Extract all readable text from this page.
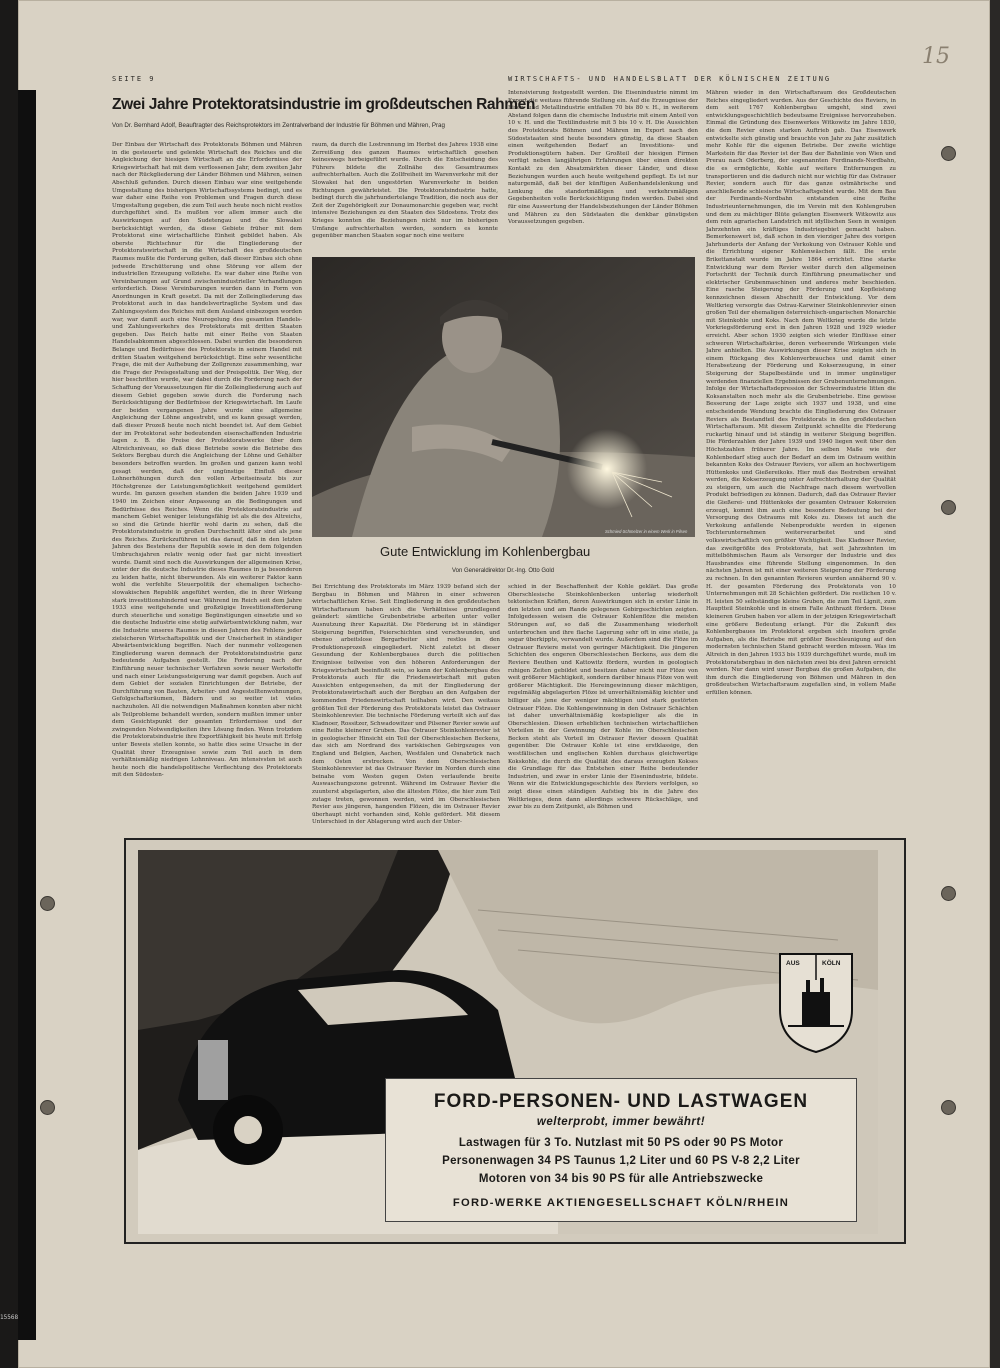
15
SEITE 9	WIRTSCHAFTS- UND HANDELSBLATT DER KÖLNISCHEN ZEITUNG
Zwei Jahre Protektoratsindustrie im großdeutschen Rahmen
Von Dr. Bernhard Adolf, Beauftragter des Reichsprotektors im Zentralverband der Industrie für Böhmen und Mähren, Prag
Der Einbau der Wirtschaft des Protektorats Böhmen und Mähren in die gesteuerte und gelenkte Wirtschaft des Reiches und die Angleichung der hiesigen Wirtschaft an die Erfordernisse der Kriegswirtschaft hat mit dem verflossenen Jahr, dem zweiten Jahr nach der Rückgliederung der Länder Böhmen und Mähren, seinen Abschluß gefunden. Durch diesen Einbau war eine weitgehende Umgestaltung des bisherigen Wirtschaftssystems bedingt, und es war daher eine Reihe von Problemen und Fragen durch diese Umgestaltung gegeben, die zum Teil auch heute noch nicht restlos durchgeführt sind. Es mußten vor allem immer auch die Auswirkungen auf den Sudetengau und die Slowakei berücksichtigt werden, da diese Gebiete früher mit dem Protektorat eine wirtschaftliche Einheit gebildet haben. Als oberste Richtschnur für die Eingliederung der Protektoratswirtschaft in die Wirtschaft des großdeutschen Raumes mußte die Forderung gelten, daß dieser Einbau sich ohne jedwede Erschütterung und ohne Störung vor allem der industriellen Erzeugung vollziehe. Es war daher eine Reihe von Vereinbarungen auf Grund zwischenindustrieller Verhandlungen erforderlich. Diese Vereinbarungen wurden dann in Form von Anordnungen in Kraft gesetzt. Da mit der Zolleingliederung das Protektorat auch in das handelsvertragliche System und das Zahlungssystem des Reiches mit dem Ausland einbezogen worden war, war damit auch eine Neuregelung des gesamten Handels- und Zahlungsverkehrs des Protektorats mit dritten Staaten gegeben. Das Reich hatte mit einer Reihe von Staaten Handelsabkommen abgeschlossen. Dabei wurden die besonderen Belange und Bedürfnisse des Protektorats in seinem Handel mit dritten Staaten weitgehend berücksichtigt. Eine sehr wesentliche Frage, die mit der Aufhebung der Zollgrenze zusammenhing, war die Frage der Preisgestaltung und der Preispolitik. Der Weg, der hier beschritten wurde, war dabei durch die Forderung nach der Schaffung der Voraussetzungen für die Zolleingliederung auch auf diesem Gebiet gegeben sowie durch die Forderung nach Berücksichtigung der Bedürfnisse der Kriegswirtschaft. Im Laufe der beiden vergangenen Jahre wurde eine allgemeine Angleichung der Löhne angestrebt, und es kann gesagt werden, daß dieser Prozeß heute noch nicht beendet ist. Auf dem Gebiet der im Protektorat sehr bedeutenden eisenschaffenden Industrie lagen z. B. die Preise der Protektoratswerke über dem Altreichsniveau, so daß diese Betriebe sowie die Betriebe des Sektors Bergbau durch die Angleichung der Löhne und Gehälter besonders betroffen wurden. Im großen und ganzen kann wohl gesagt werden, daß der ungünstige Einfluß dieser Lohnerhöhungen durch den vollen Arbeitseinsatz bis zur Höchstgrenze der Leistungsmöglichkeit weitgehend gemildert wurde. Im ganzen gesehen standen die beiden Jahre 1939 und 1940 im Zeichen einer Anpassung an die Bedingungen und Bedürfnisse des Reiches. Wenn die Protektoratsindustrie auf manchem Gebiet weniger leistungsfähig ist als die des Altreichs, so sind die Gründe hierfür wohl darin zu sehen, daß die Protektoratsindustrie in großen Durchschnitt älter sind als jene des Reiches. Zurückzuführen ist das darauf, daß in den letzten Jahren des Bestehens der Republik sowie in den dem folgenden Umbruchsjahren relativ wenig oder fast gar nicht investiert wurde. Damit sind noch die Auswirkungen der allgemeinen Krise, unter der die deutsche Industrie dieses Raumes in ja besonderen zu leiden hatte, nicht überwunden. Als ein weiterer Faktor kann wohl die verfehlte Steuerpolitik der ehemaligen tschecho-slowakischen Republik angeführt werden, die in ihrer Wirkung stark investitionshindernd war. Während im Reich seit dem Jahre 1933 eine weitgehende und großzügige Investitionsförderung durch steuerliche und sonstige Begünstigungen einsetzte und so die deutsche Industrie eine stetig aufwärtsentwicklung nahm, war die Industrie unseres Raumes in diesen Jahren des Fehlens jeder zielsicheren Wirtschaftspolitik und der Unsicherheit in ständiger Abwärtsentwicklung begriffen. Nach der nunmehr vollzogenen Eingliederung waren demnach der Protektoratsindustrie ganz bedeutende Aufgaben gestellt. Die Forderung nach der Einführung neuer technischer Verfahren sowie neuer Werkstoffe und nach einer Leistungssteigerung war damit gegeben. Auch auf dem Gebiet der sozialen Einrichtungen der Betriebe, der Durchführung von Bauten, Arbeiter- und Angestelltenwohnungen, Gefolgschaftsräumen, Bädern und so weiter ist vieles nachzuholen. All die notwendigen Maßnahmen konnten aber nicht als Teilprobleme behandelt werden, sondern mußten immer unter dem Gesichtspunkt der gesamten Erfordernisse und der zwingenden Notwendigkeiten ihre Lösung finden. Wenn trotzdem die Protektoratsindustrie ihre Exportfähigkeit bis heute mit Erfolg unter Beweis stellen konnte, so hatte dies seine Ursache in der Qualität ihrer Erzeugnisse sowie zum Teil auch in dem verhältnismäßig niedrigen Lohnniveau. Am intensivsten ist auch heute noch die handelspolitische Verflechtung des Protektorats mit den Südosten-
raum, da durch die Lostrennung im Herbst des Jahres 1938 eine Zerreißung des ganzen Raumes wirtschaftlich gesehen keineswegs herbeigeführt wurde. Durch die Entscheidung des Führers bildete die Zollnähe des Gesamtraumes aufrechterhalten. Auch die Zollfreiheit im Warenverkehr mit der Slowakei hat den ungestörten Warenverkehr in beiden Richtungen gewährleistet. Die Protektoratsindustrie hatte, bedingt durch die jahrhundertelange Tradition, die noch aus der Zeit der Zugehörigkeit zur Donaumonarchie gegeben war, recht intensive Beziehungen zu den Staaten des Südostens. Trotz des Krieges konnten die Beziehungen nicht nur im bisherigen Umfange aufrechterhalten werden, sondern es konnte gegenüber manchen Staaten sogar noch eine weitere
Intensivierung festgestellt werden. Die Eisenindustrie nimmt im Export die weitaus führende Stellung ein. Auf die Erzeugnisse der Eisen- und Metallindustrie entfallen 70 bis 80 v. H., in weiterem Abstand folgen dann die chemische Industrie mit einem Anteil von 10 v. H. und die Textilindustrie mit 5 bis 10 v. H. Die Aussichten des Protektorats Böhmen und Mähren im Export nach den Südoststaaten sind heute besonders günstig, da diese Staaten einen weitgehenden Bedarf an Investitions- und Produktionsgütern haben. Der Großteil der hiesigen Firmen verfügt neben langjährigen Erfahrungen über einen direkten Kontakt zu den Absatzmärkten dieser Länder, und diese Beziehungen wurden auch heute weitgehend gepflegt. Es ist nur naturgemäß, daß bei der künftigen Außenhandelslenkung und Lenkung die standortmäßigen und verkehrsmäßigen Gegebenheiten volle Berücksichtigung finden werden. Dabei sind für eine Auswertung der Handelsbeziehungen der Länder Böhmen und Mähren zu den Südstaaten die denkbar günstigsten Voraussetzungen gegeben.
Mähren wieder in den Wirtschaftsraum des Großdeutschen Reiches eingegliedert wurden. Aus der Geschichte des Reviers, in dem seit 1767 Kohlenbergbau umgeht, sind zwei entwicklungsgeschichtlich bedeutsame Ereignisse hervorzuheben. Einmal die Gründung des Eisenwerkes Witkowitz im Jahre 1830, die dem Revier einen starken Auftrieb gab. Das Eisenwerk entwickelte sich günstig und brauchte von Jahr zu Jahr zusätzlich mehr Kohle für die eigenen Betriebe. Der zweite wichtige Markstein für das Revier ist der Bau der Bahnlinie von Wien und Prerau nach Oderberg, der sogenannten Ferdinands-Nordbahn, die es ermöglichte, Kohle auf weitere Entfernungen zu transportieren und die dadurch nicht nur wichtig für das Ostrauer Revier, sondern auch für das ganze ostmährische und anschließende schlesische Wirtschaftsgebiet wurde. Mit dem Bau der Ferdinands-Nordbahn entstanden eine Reihe Industrieunternehmungen, die im Verein mit den Kohlengruben und dem zu mächtiger Blüte gelangten Eisenwerk Witkowitz aus dem rein agrarischen Landstrich mit idyllischen Seen in wenigen Jahrzehnten ein kräftiges Industriegebiet gemacht haben. Bemerkenswert ist, daß schon in den vierziger Jahre des vorigen Jahrhunderts der Anfang der Verkokung von Ostrauer Kohle und die Errichtung eigener Kohlenwäschen fällt. Die erste Brikettanstalt wurde im Jahre 1864 errichtet. Eine starke Entwicklung war dem Revier weiter durch den allgemeinen Fortschritt der Technik durch Einführung pneumatischer und elektrischer Grubenmaschinen und anderes mehr beschieden. Eine rasche Steigerung der Förderung und Kopfleistung kennzeichnen diesen Abschnitt der Entwicklung. Vor dem Weltkrieg versorgte das Ostrau-Karwiner Steinkohlenrevier einen großen Teil der ehemaligen österreichisch-ungarischen Monarchie mit Steinkohle und Koks. Nach dem Weltkrieg wurde die letzte Vorkriegsförderung erst in den Jahren 1928 und 1929 wieder erreicht. Aber schon 1930 zeigten sich wieder Einflüsse einer schweren Wirtschaftskrise, deren verheerende Wirkungen viele Jahre anhielten. Die Auswirkungen dieser Krise zeigten sich in einem Rückgang des Kohlenverbrauches und damit einer Herabsetzung der Förderung und Kokserzeugung, in einer Steigerung der Stapelbestände und in immer ungünstiger werdenden finanziellen Ergebnissen der Grubenunternehmungen. Infolge der Wirtschaftsdepression der Schwerindustrie litten die Koksanstalten noch mehr als die Grubenbetriebe. Eine gewisse Besserung der Lage zeigte sich 1937 und 1938, und eine entscheidende Wendung brachte die Eingliederung des Ostrauer Reviers als Bestandteil des Protektorats in den großdeutschen Wirtschaftsraum. Mit diesem Zeitpunkt schnellte die Förderung ruckartig hinauf und ist ständig in weiterer Steigung begriffen. Die Förderzahlen der Jahre 1939 und 1940 liegen weit über den Höchstzahlen früherer Jahre. Im selben Maße wie der Kohlenbedarf stieg auch der Bedarf an dem im Ostraum weithin bekannten Koks des Ostrauer Reviers, vor allem an hochwertigem Hüttenkoks und Gießereikoks. Hier muß das Bestreben erwähnt werden, die Kokserzeugung unter Aufrechterhaltung der Qualität zu steigern, um auch die Nachfrage nach diesem wertvollen Produkt befriedigen zu können. Dadurch, daß das Ostrauer Revier die Gießerei- und Hüttenkoks der gesamten Ostrauer Kokereien erzeugt, kommt ihm auch eine besondere Bedeutung bei der Versorgung des Ostraums mit Koks zu. Dieses ist auch die Verkokung anfallende Nebenprodukte werden in eigenen Tochterunternehmen weiterverarbeitet und sind volkswirtschaftlich von größter Wichtigkeit. Das Kladnoer Revier, das zweitgrößte des Protektorats, hat seit Jahrzehnten im mittelböhmischen Raum als Versorger der Industrie und des Hausbrandes eine führende Stellung eingenommen. In den nächsten Jahren ist mit einer weiteren Steigerung der Förderung zu rechnen. In den genannten Revieren wurden annähernd 90 v. H. der gesamten Förderung des Protektorats von 10 Unternehmungen mit 28 Schächten gefördert. Die restlichen 10 v. H. leisten 50 selbständige kleine Gruben, die zum Teil Lignit, zum Hauptteil Steinkohle und in einem Falle Anthrazit fördern. Diese kleineren Gruben haben vor allem in der jetzigen Kriegswirtschaft eine größere Bedeutung erlangt. Für die Zukunft des Kohlenbergbaues im Protektorat ergeben sich insofern große Aufgaben, als die Betriebe mit größter Beschleunigung auf den modernsten technischen Stand gebracht werden müssen. Was im Altreich in den Jahren 1933 bis 1939 durchgeführt wurde, muß im Protektoratsbergbau in den nächsten zwei bis drei Jahren erreicht werden. Nur dann wird unser Bergbau die großen Aufgaben, die ihm durch die Eingliederung von Böhmen und Mähren in den großdeutschen Wirtschaftsraum zugefallen sind, in vollem Maße erfüllen können.
Schmied-Schmelzer in einem Werk in Pilsen
Gute Entwicklung im Kohlenbergbau
Von Generaldirektor Dr.-Ing. Otto Gold
Bei Errichtung des Protektorats im März 1939 befand sich der Bergbau in Böhmen und Mähren in einer schweren wirtschaftlichen Krise. Seit Eingliederung in den großdeutschen Wirtschaftsraum haben sich die Verhältnisse grundlegend geändert: sämtliche Grubenbetriebe arbeiten unter voller Ausnutzung ihrer Kapazität. Die Förderung ist in ständiger Steigerung begriffen, Feierschichten sind verschwunden, und ebenso arbeitslose Bergarbeiter sind restlos in den Produktionsprozeß eingegliedert. Nicht zuletzt ist dieser Gesundung der Kohlenbergbaues durch die politischen Ereignisse teilweise von den höheren Anforderungen der Kriegswirtschaft beeinflußt sein, so kann der Kohlenbergbau des Protektorats auch für die Friedenswirtschaft mit guten Aussichten entgegensehen, da mit der Eingliederung der Protektoratswirtschaft auch der Bergbau an den Aufgaben der kommenden Friedenswirtschaft teilhaben wird. Den weitaus größten Teil der Förderung des Protektorats leistet das Ostrauer Steinkohlenrevier. Die technische Förderung verteilt sich auf das Kladnoer, Rossitzer, Schwadowitzer und Pilsener Revier sowie auf eine Reihe kleinerer Gruben. Das Ostrauer Steinkohlenrevier ist in geologischer Hinsicht ein Teil der Oberschlesischen Beckens, das sich am Nordrand des variskischen Gebirgszuges von England und Belgien, Aachen, Westfalen und Osnabrück nach dem Osten erstrecken. Von dem Oberschlesischen Steinkohlenrevier ist das Ostrauer Revier im Norden durch eine beinahe vom Westen gegen Osten verlaufende breite Auswaschungszone getrennt. Während im Ostrauer Revier die zuunterst abgelagerten, also die ältesten Flöze, die hier zum Teil zutage treten, gewonnen werden, wird im Oberschlesischen Revier aus jüngeren, hangenden Flözen, die im Ostrauer Revier überhaupt nicht vorhanden sind, Kohle gefördert. Mit diesem Unterschied in der Ablagerung wird auch der Unter-
schied in der Beschaffenheit der Kohle geklärt. Das große Oberschlesische Steinkohlenbecken unterlag wiederholt tektonischen Kräften, deren Auswirkungen sich in erster Linie in den letzten und am Rande gelegenen Gebirgsschichten zeigten. Infolgedessen weisen die Ostrauer Kohlenflöze die meisten Störungen auf, so daß die Zusammenhang wiederholt unterbrochen und ihre flache Lagerung sehr oft in eine steile, ja sogar überkippte, verwandelt wurde. Außerdem sind die Flöze im Ostrauer Reviere meist von geringer Mächtigkeit. Die jüngeren Schichten des engeren Oberschlesischen Beckens, aus dem die Reviere Beuthen und Kattowitz fördern, wurden in geologisch ruhigen Zeiten gebildet und besitzen daher nicht nur Flöze von weit größerer Mächtigkeit, sondern darüber hinaus Flöze von weit größerer Mächtigkeit. Die Hereingewinnung dieser mächtigen, regelmäßig abgelagerten Flöze ist unverhältnismäßig leichter und billiger als jene der weniger mächtigen und stark gestörten Ostrauer Flöze. Die Kohlengewinnung in den Ostrauer Schächten ist daher unverhältnismäßig kostspieliger als die in Oberschlesien. Diesen erheblichen technischen wirtschaftlichen Vorteilen in der Gewinnung der Kohle im Oberschlesischen Becken steht als Vorteil im Ostrauer Revier dessen Qualität gegenüber. Die Ostrauer Kohle ist eine erstklassige, den westfälischen und englischen Kohlen durchaus gleichwertige Kokskohle, die durch die Qualität des daraus erzeugten Kokses die Grundlage für das Entstehen einer Reihe bedeutender Industrien, und zwar in erster Linie der Eisenindustrie, bildete. Wenn wir die Entwicklungsgeschichte des Reviers verfolgen, so zeigt diese einen ständigen Aufstieg bis in die Jahre des Weltkrieges, denn dann allerdings schwere Rückschläge, und zwar bis zu dem Zeitpunkt, als Böhmen und
AUS	KÖLN
FORD-PERSONEN- UND LASTWAGEN
welterprobt, immer bewährt!
Lastwagen für 3 To. Nutzlast mit 50 PS oder 90 PS Motor
Personenwagen 34 PS Taunus 1,2 Liter und 60 PS V-8 2,2 Liter
Motoren von 34 bis 90 PS für alle Antriebszwecke
FORD-WERKE AKTIENGESELLSCHAFT KÖLN/RHEIN
15568
